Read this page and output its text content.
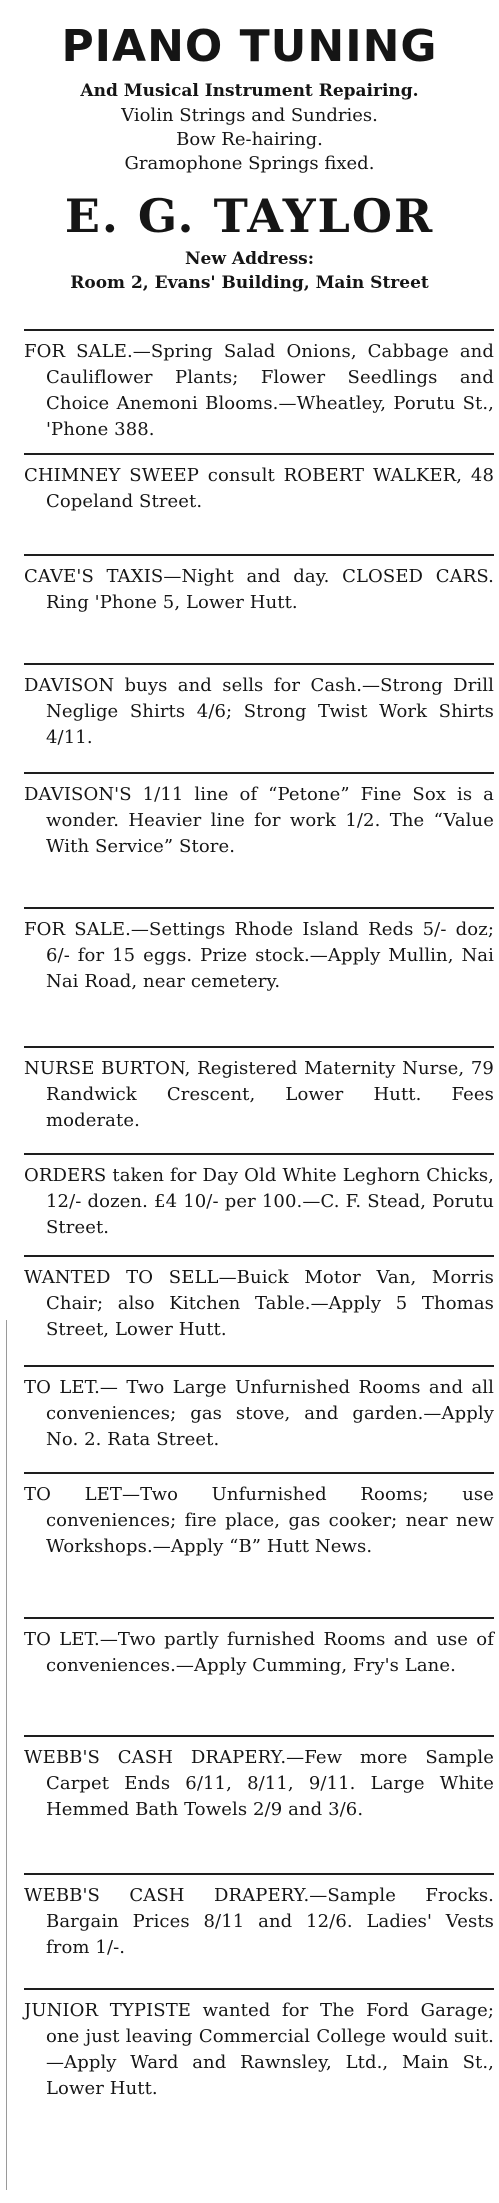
PIANO TUNING
And Musical Instrument Repairing.
Violin Strings and Sundries.
Bow Re-hairing.
Gramophone Springs fixed.
E. G. TAYLOR
New Address:
Room 2, Evans' Building, Main Street

FOR SALE.—Spring Salad Onions, Cabbage and Cauliflower Plants; Flower Seedlings and Choice Anemoni Blooms.—Wheatley, Porutu St., 'Phone 388.

CHIMNEY SWEEP consult ROBERT WALKER, 48 Copeland Street.

CAVE'S TAXIS—Night and day. CLOSED CARS. Ring 'Phone 5, Lower Hutt.

DAVISON buys and sells for Cash.—Strong Drill Neglige Shirts 4/6; Strong Twist Work Shirts 4/11.

DAVISON'S 1/11 line of “Petone” Fine Sox is a wonder. Heavier line for work 1/2. The “Value With Service” Store.

FOR SALE.—Settings Rhode Island Reds 5/- doz; 6/- for 15 eggs. Prize stock.—Apply Mullin, Nai Nai Road, near cemetery.

NURSE BURTON, Registered Maternity Nurse, 79 Randwick Crescent, Lower Hutt. Fees moderate.

ORDERS taken for Day Old White Leghorn Chicks, 12/- dozen. £4 10/- per 100.—C. F. Stead, Porutu Street.

WANTED TO SELL—Buick Motor Van, Morris Chair; also Kitchen Table.—Apply 5 Thomas Street, Lower Hutt.

TO LET.— Two Large Unfurnished Rooms and all conveniences; gas stove, and garden.—Apply No. 2. Rata Street.

TO LET—Two Unfurnished Rooms; use conveniences; fire place, gas cooker; near new Workshops.—Apply “B” Hutt News.

TO LET.—Two partly furnished Rooms and use of conveniences.—Apply Cumming, Fry's Lane.

WEBB'S CASH DRAPERY.—Few more Sample Carpet Ends 6/11, 8/11, 9/11. Large White Hemmed Bath Towels 2/9 and 3/6.

WEBB'S CASH DRAPERY.—Sample Frocks. Bargain Prices 8/11 and 12/6. Ladies' Vests from 1/-.

JUNIOR TYPISTE wanted for The Ford Garage; one just leaving Commercial College would suit.—Apply Ward and Rawnsley, Ltd., Main St., Lower Hutt.
